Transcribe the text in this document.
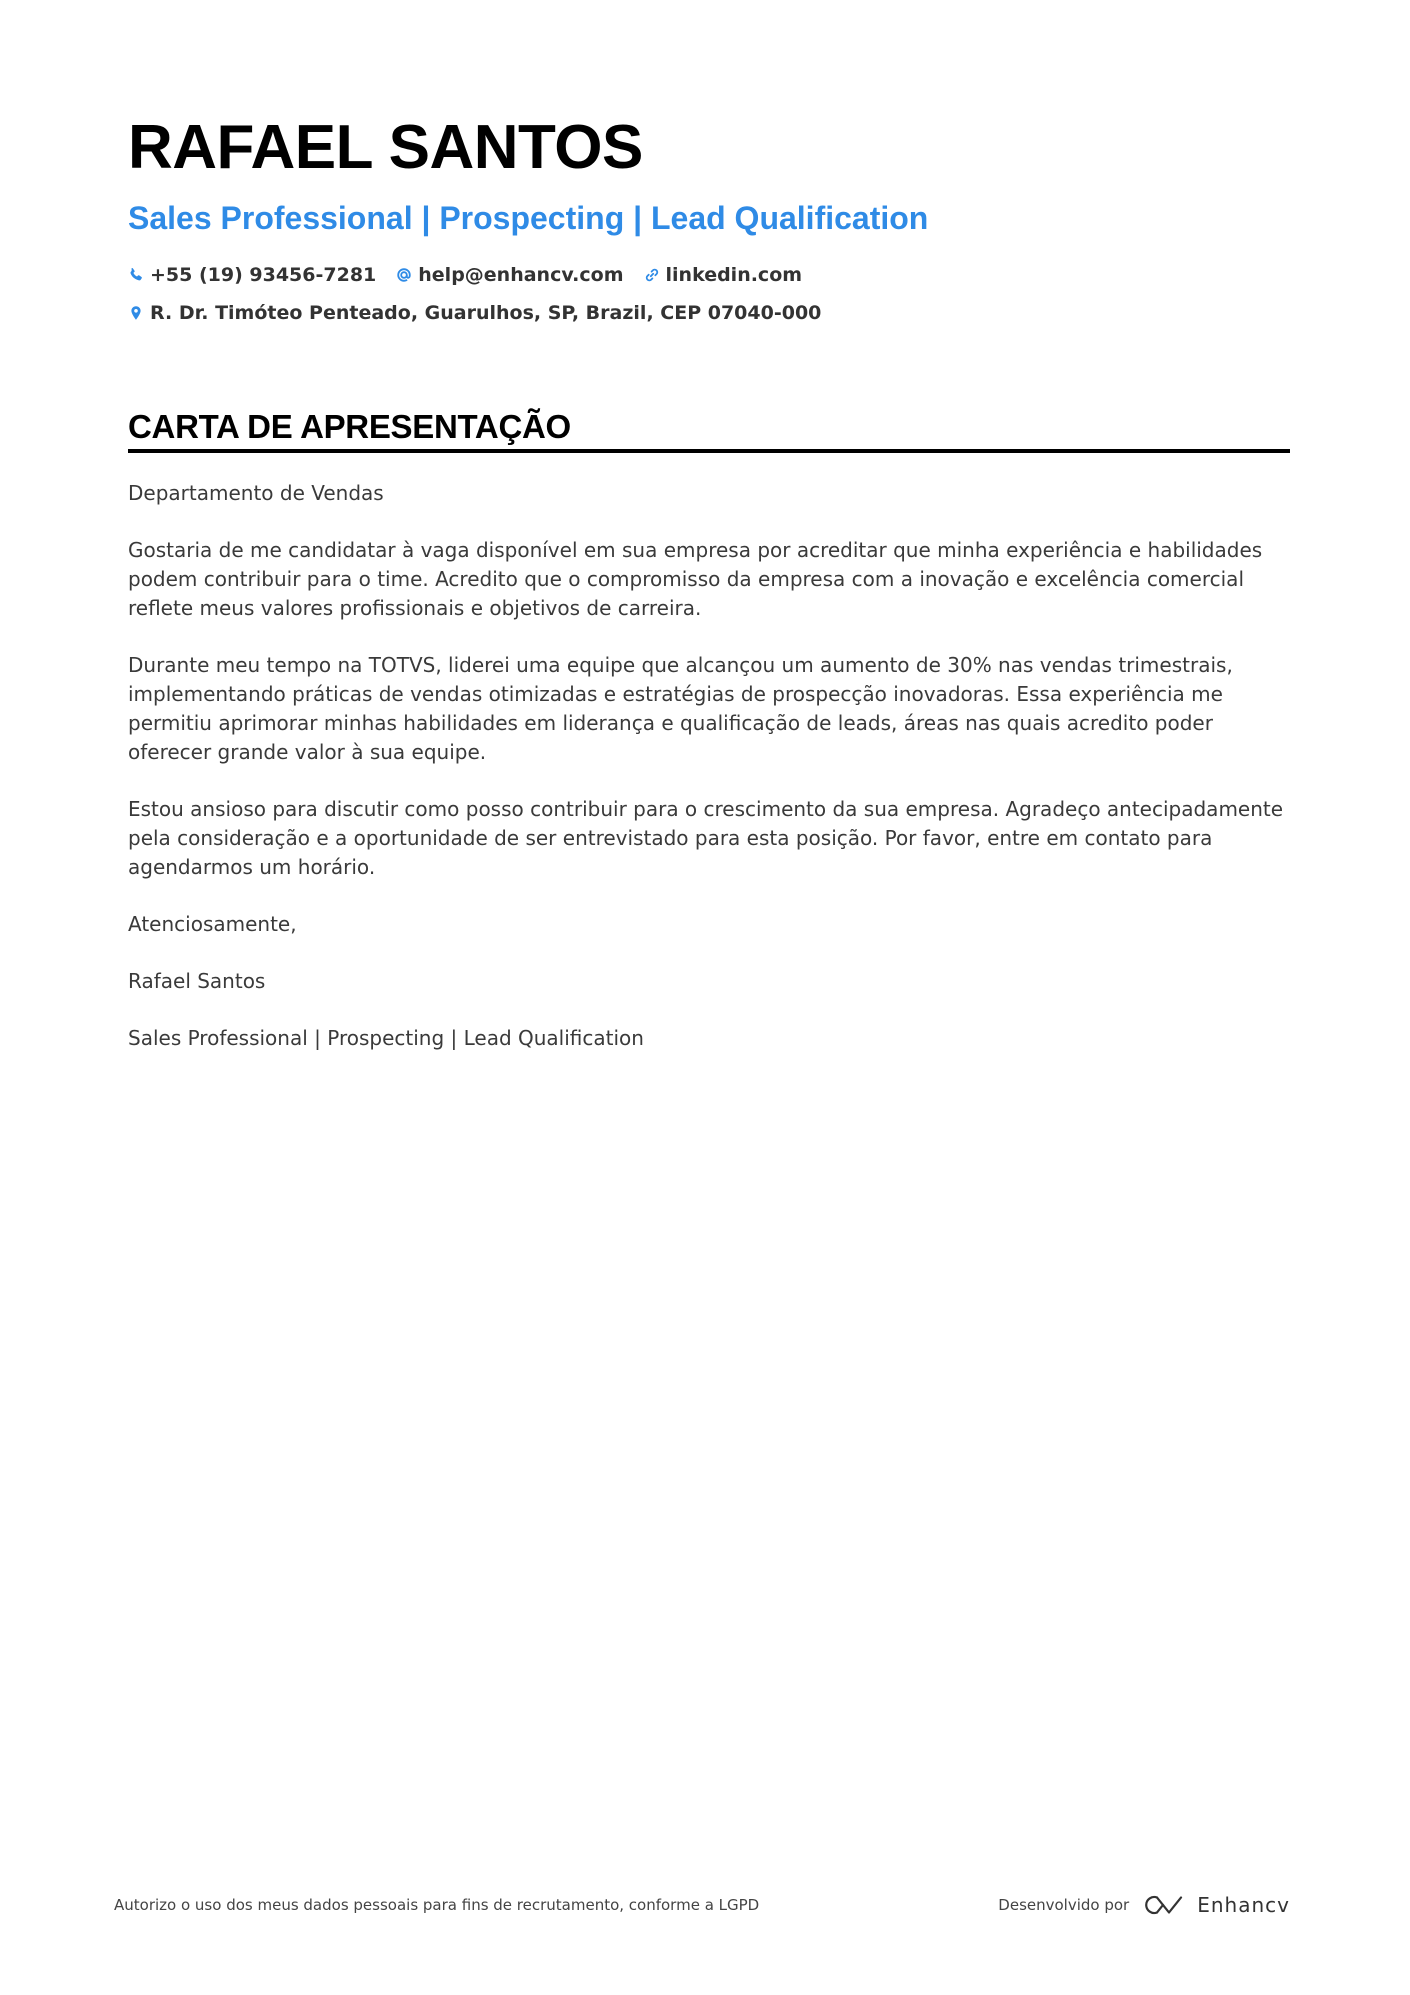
RAFAEL SANTOS
Sales Professional | Prospecting | Lead Qualification
+55 (19) 93456-7281 help@enhancv.com linkedin.com
R. Dr. Timóteo Penteado, Guarulhos, SP, Brazil, CEP 07040-000
CARTA DE APRESENTAÇÃO

Departamento de Vendas

Gostaria de me candidatar à vaga disponível em sua empresa por acreditar que minha experiência e habilidades podem contribuir para o time. Acredito que o compromisso da empresa com a inovação e excelência comercial reflete meus valores profissionais e objetivos de carreira.

Durante meu tempo na TOTVS, liderei uma equipe que alcançou um aumento de 30% nas vendas trimestrais, implementando práticas de vendas otimizadas e estratégias de prospecção inovadoras. Essa experiência me permitiu aprimorar minhas habilidades em liderança e qualificação de leads, áreas nas quais acredito poder oferecer grande valor à sua equipe.

Estou ansioso para discutir como posso contribuir para o crescimento da sua empresa. Agradeço antecipadamente pela consideração e a oportunidade de ser entrevistado para esta posição. Por favor, entre em contato para agendarmos um horário.

Atenciosamente,

Rafael Santos

Sales Professional | Prospecting | Lead Qualification

Autorizo o uso dos meus dados pessoais para fins de recrutamento, conforme a LGPD	Desenvolvido por	Enhancv
